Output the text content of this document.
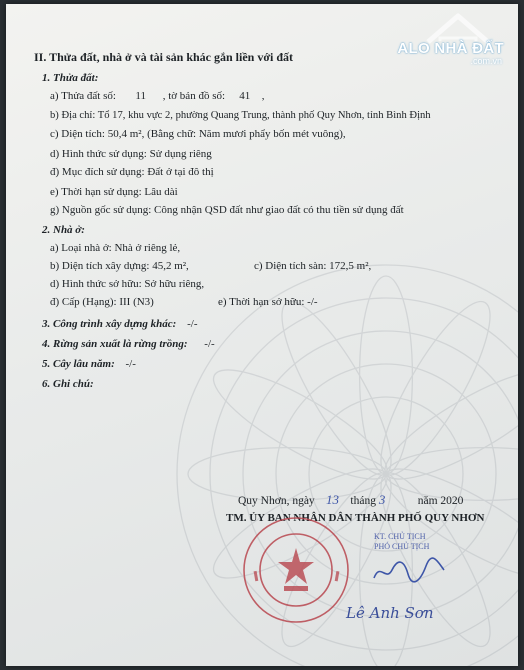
ALO NHÀ ĐẤT
.com.vn
II. Thửa đất, nhà ở và tài sản khác gắn liền với đất
1. Thửa đất:
a) Thửa đất số: 11 , tờ bản đồ số: 41 ,
b) Địa chỉ: Tổ 17, khu vực 2, phường Quang Trung, thành phố Quy Nhơn, tỉnh Bình Định
c) Diện tích: 50,4 m², (Bằng chữ: Năm mươi phẩy bốn mét vuông),
d) Hình thức sử dụng: Sử dụng riêng
đ) Mục đích sử dụng: Đất ở tại đô thị
e) Thời hạn sử dụng: Lâu dài
g) Nguồn gốc sử dụng: Công nhận QSD đất như giao đất có thu tiền sử dụng đất
2. Nhà ở:
a) Loại nhà ở: Nhà ở riêng lẻ,
b) Diện tích xây dựng: 45,2 m²,	c) Diện tích sàn: 172,5 m²,
d) Hình thức sở hữu: Sở hữu riêng,
đ) Cấp (Hạng): III (N3)	e) Thời hạn sở hữu: -/-
3. Công trình xây dựng khác: -/-
4. Rừng sản xuất là rừng trồng: -/-
5. Cây lâu năm: -/-
6. Ghi chú:
Quy Nhơn, ngày 13 tháng 3	năm 2020
TM. ỦY BAN NHÂN DÂN THÀNH PHỐ QUY NHƠN
KT. CHỦ TỊCH
PHÓ CHỦ TỊCH
Lê Anh Sơn
